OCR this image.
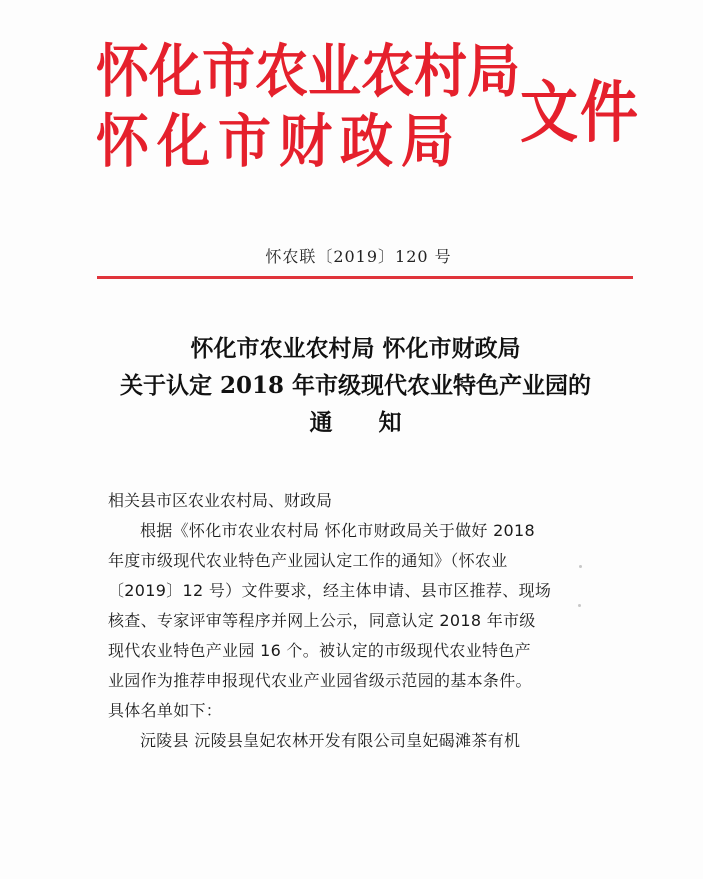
怀化市农业农村局
怀化市财政局 文件
怀农联〔2019〕120 号
怀化市农业农村局 怀化市财政局
关于认定 2018 年市级现代农业特色产业园的
通知
相关县市区农业农村局、财政局

根据《怀化市农业农村局 怀化市财政局关于做好 2018

年度市级现代农业特色产业园认定工作的通知》（怀农业

〔2019〕12 号）文件要求，经主体申请、县市区推荐、现场

核查、专家评审等程序并网上公示，同意认定 2018 年市级

现代农业特色产业园 16 个。被认定的市级现代农业特色产

业园作为推荐申报现代农业产业园省级示范园的基本条件。

具体名单如下：

沅陵县 沅陵县皇妃农林开发有限公司皇妃碣滩茶有机
